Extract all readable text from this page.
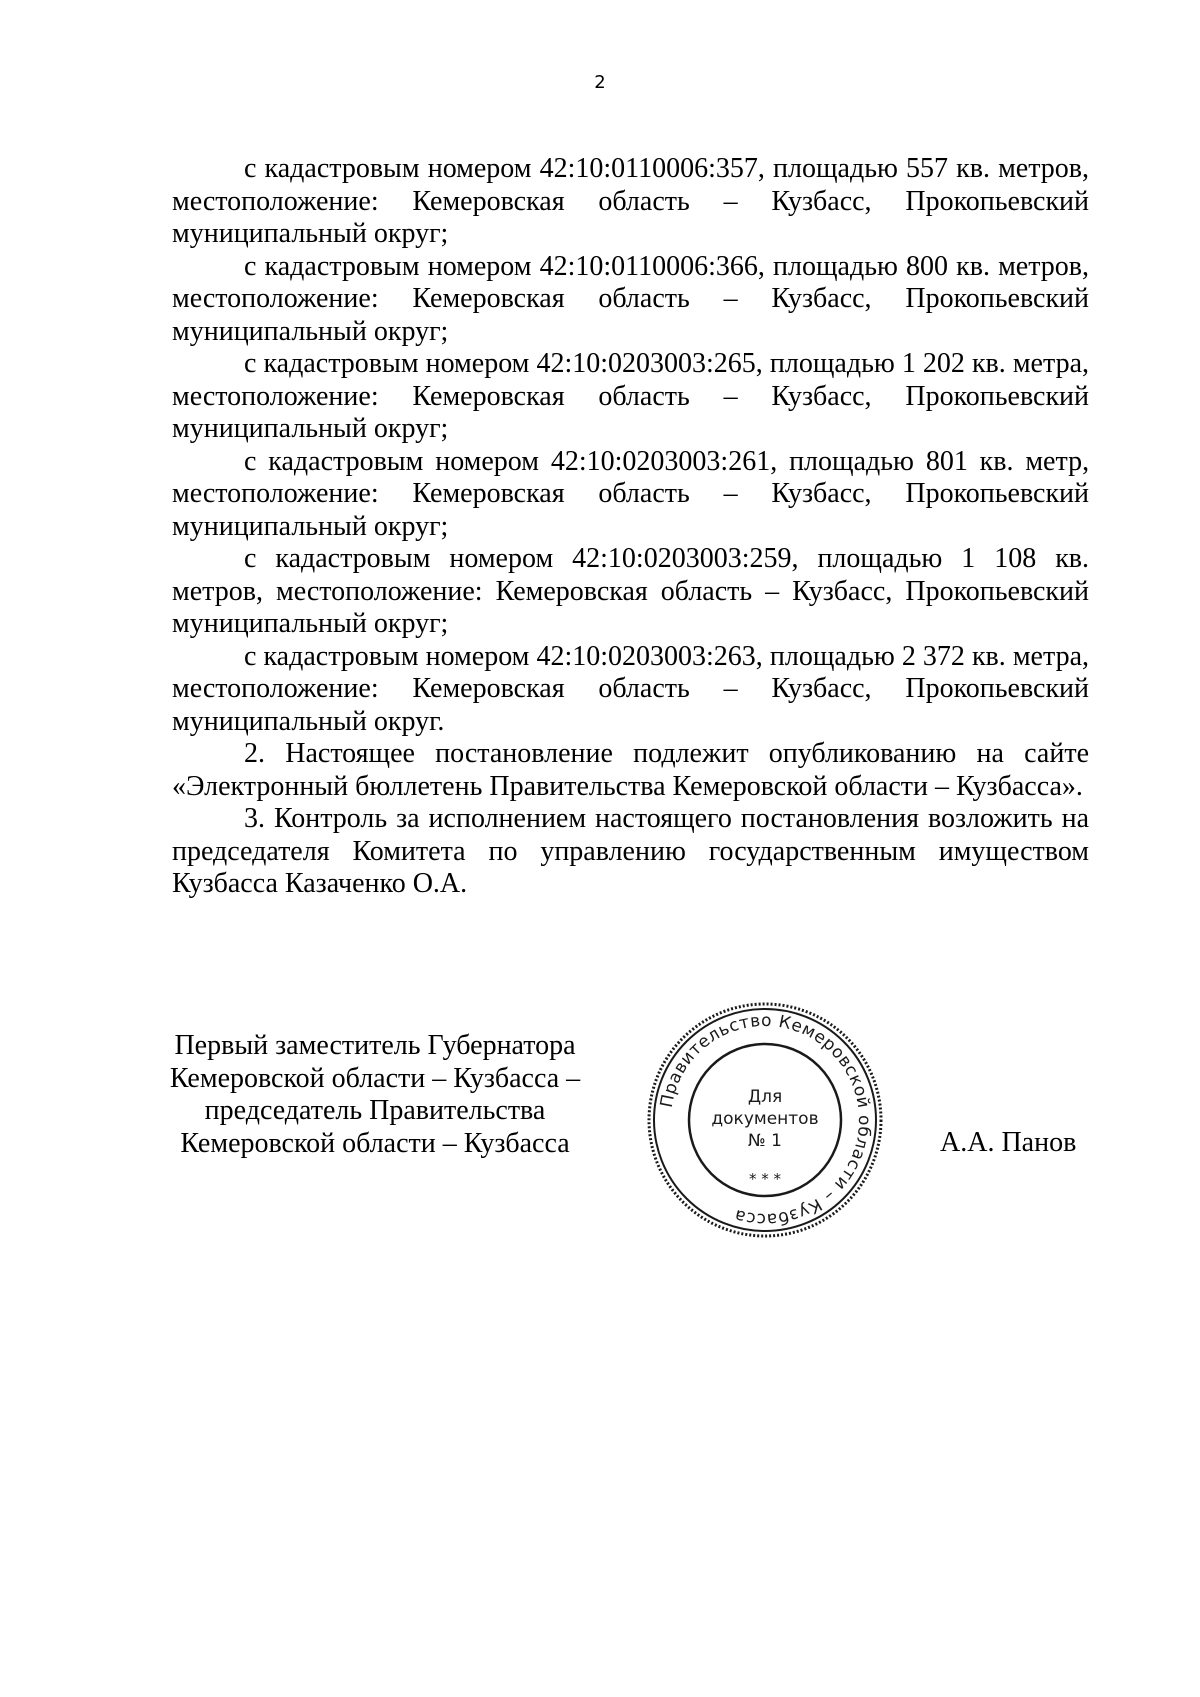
2

с кадастровым номером 42:10:0110006:357, площадью 557 кв. метров, местоположение: Кемеровская область – Кузбасс, Прокопьевский муниципальный округ;

с кадастровым номером 42:10:0110006:366, площадью 800 кв. метров, местоположение: Кемеровская область – Кузбасс, Прокопьевский муниципальный округ;

с кадастровым номером 42:10:0203003:265, площадью 1 202 кв. метра, местоположение: Кемеровская область – Кузбасс, Прокопьевский муниципальный округ;

с кадастровым номером 42:10:0203003:261, площадью 801 кв. метр, местоположение: Кемеровская область – Кузбасс, Прокопьевский муниципальный округ;

с кадастровым номером 42:10:0203003:259, площадью 1 108 кв. метров, местоположение: Кемеровская область – Кузбасс, Прокопьевский муниципальный округ;

с кадастровым номером 42:10:0203003:263, площадью 2 372 кв. метра, местоположение: Кемеровская область – Кузбасс, Прокопьевский муниципальный округ.

2. Настоящее постановление подлежит опубликованию на сайте «Электронный бюллетень Правительства Кемеровской области – Кузбасса».

3. Контроль за исполнением настоящего постановления возложить на председателя Комитета по управлению государственным имуществом Кузбасса Казаченко О.А.

Первый заместитель Губернатора
Кемеровской области – Кузбасса –
председатель Правительства
Кемеровской области – Кузбасса	А.А. Панов
Правительство Кемеровской области – Кузбасса
Для
документов
№ 1
* * *
